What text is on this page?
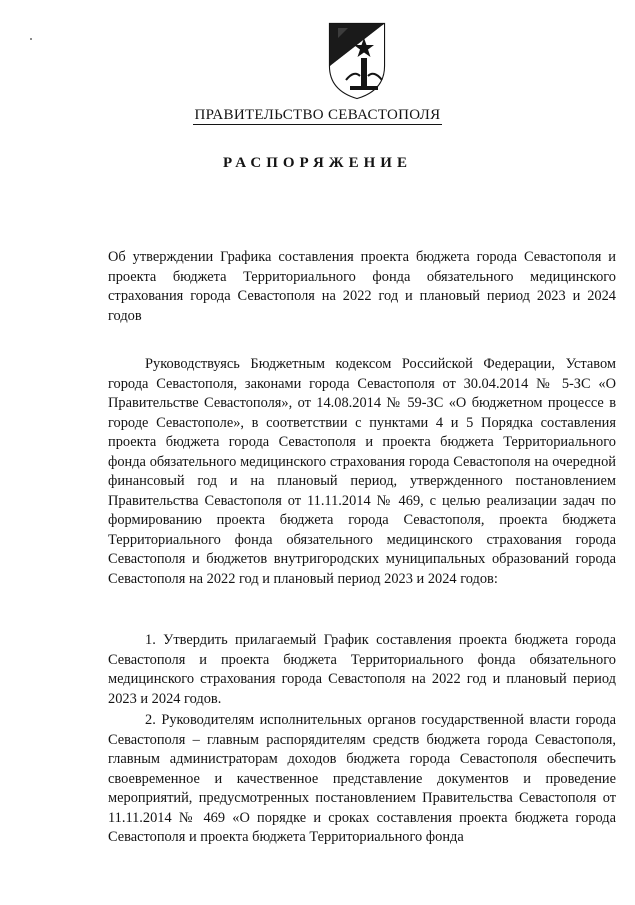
ПРАВИТЕЛЬСТВО СЕВАСТОПОЛЯ
РАСПОРЯЖЕНИЕ
Об утверждении Графика составления проекта бюджета города Севастополя и проекта бюджета Территориального фонда обязательного медицинского страхования города Севастополя на 2022 год и плановый период 2023 и 2024 годов
Руководствуясь Бюджетным кодексом Российской Федерации, Уставом города Севастополя, законами города Севастополя от 30.04.2014 № 5-ЗС «О Правительстве Севастополя», от 14.08.2014 № 59-ЗС «О бюджетном процессе в городе Севастополе», в соответствии с пунктами 4 и 5 Порядка составления проекта бюджета города Севастополя и проекта бюджета Территориального фонда обязательного медицинского страхования города Севастополя на очередной финансовый год и на плановый период, утвержденного постановлением Правительства Севастополя от 11.11.2014 № 469, с целью реализации задач по формированию проекта бюджета города Севастополя, проекта бюджета Территориального фонда обязательного медицинского страхования города Севастополя и бюджетов внутригородских муниципальных образований города Севастополя на 2022 год и плановый период 2023 и 2024 годов:
1. Утвердить прилагаемый График составления проекта бюджета города Севастополя и проекта бюджета Территориального фонда обязательного медицинского страхования города Севастополя на 2022 год и плановый период 2023 и 2024 годов.
2. Руководителям исполнительных органов государственной власти города Севастополя – главным распорядителям средств бюджета города Севастополя, главным администраторам доходов бюджета города Севастополя обеспечить своевременное и качественное представление документов и проведение мероприятий, предусмотренных постановлением Правительства Севастополя от 11.11.2014 № 469 «О порядке и сроках составления проекта бюджета города Севастополя и проекта бюджета Территориального фонда
